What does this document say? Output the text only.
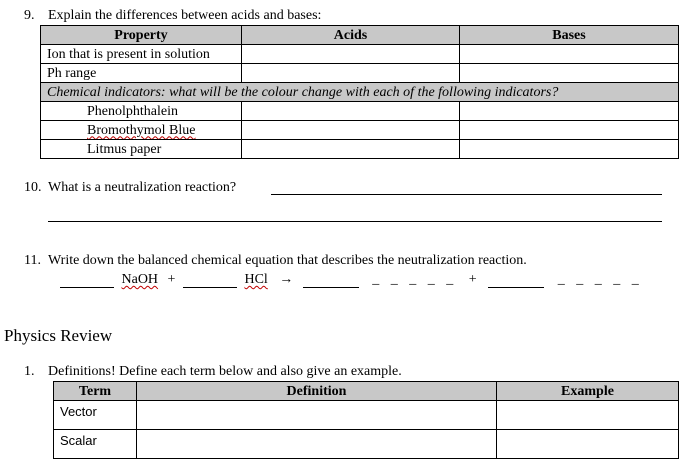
9. Explain the differences between acids and bases:
Property	Acids	Bases
Ion that is present in solution		
Ph range		
Chemical indicators: what will be the colour change with each of the following indicators?		
Phenolphthalein		
Bromothymol Blue		
Litmus paper		
10. What is a neutralization reaction?
11. Write down the balanced chemical equation that describes the neutralization reaction.
NaOH +	HCl →	_ _ _ _ _ +	_ _ _ _ _
Physics Review
1. Definitions! Define each term below and also give an example.
Term	Definition	Example
Vector		
Scalar		
